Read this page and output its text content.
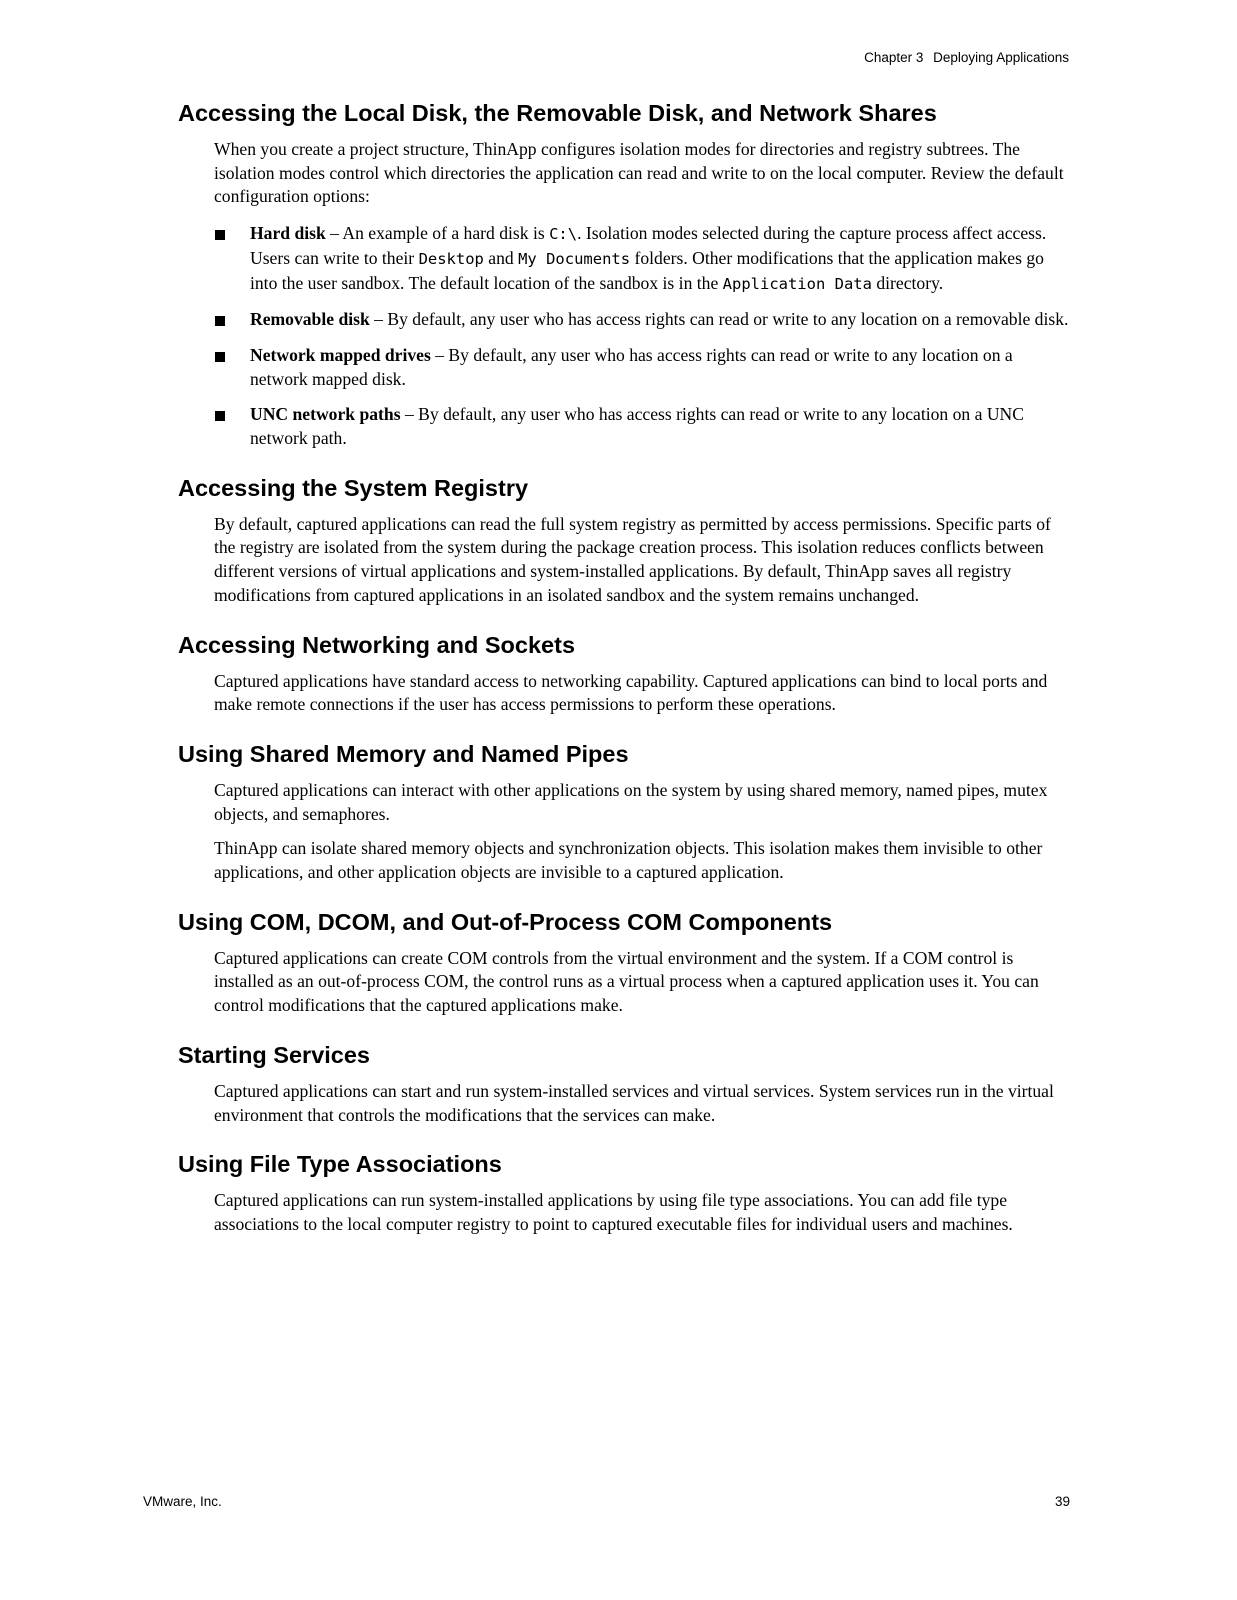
Chapter 3 Deploying Applications
Accessing the Local Disk, the Removable Disk, and Network Shares

When you create a project structure, ThinApp configures isolation modes for directories and registry subtrees. The isolation modes control which directories the application can read and write to on the local computer. Review the default configuration options:

Hard disk – An example of a hard disk is C:\. Isolation modes selected during the capture process affect access. Users can write to their Desktop and My Documents folders. Other modifications that the application makes go into the user sandbox. The default location of the sandbox is in the Application Data directory.
Removable disk – By default, any user who has access rights can read or write to any location on a removable disk.
Network mapped drives – By default, any user who has access rights can read or write to any location on a network mapped disk.
UNC network paths – By default, any user who has access rights can read or write to any location on a UNC network path.
Accessing the System Registry

By default, captured applications can read the full system registry as permitted by access permissions. Specific parts of the registry are isolated from the system during the package creation process. This isolation reduces conflicts between different versions of virtual applications and system-installed applications. By default, ThinApp saves all registry modifications from captured applications in an isolated sandbox and the system remains unchanged.

Accessing Networking and Sockets

Captured applications have standard access to networking capability. Captured applications can bind to local ports and make remote connections if the user has access permissions to perform these operations.

Using Shared Memory and Named Pipes

Captured applications can interact with other applications on the system by using shared memory, named pipes, mutex objects, and semaphores.

ThinApp can isolate shared memory objects and synchronization objects. This isolation makes them invisible to other applications, and other application objects are invisible to a captured application.

Using COM, DCOM, and Out-of-Process COM Components

Captured applications can create COM controls from the virtual environment and the system. If a COM control is installed as an out-of-process COM, the control runs as a virtual process when a captured application uses it. You can control modifications that the captured applications make.

Starting Services

Captured applications can start and run system-installed services and virtual services. System services run in the virtual environment that controls the modifications that the services can make.

Using File Type Associations

Captured applications can run system-installed applications by using file type associations. You can add file type associations to the local computer registry to point to captured executable files for individual users and machines.

VMware, Inc.	39
